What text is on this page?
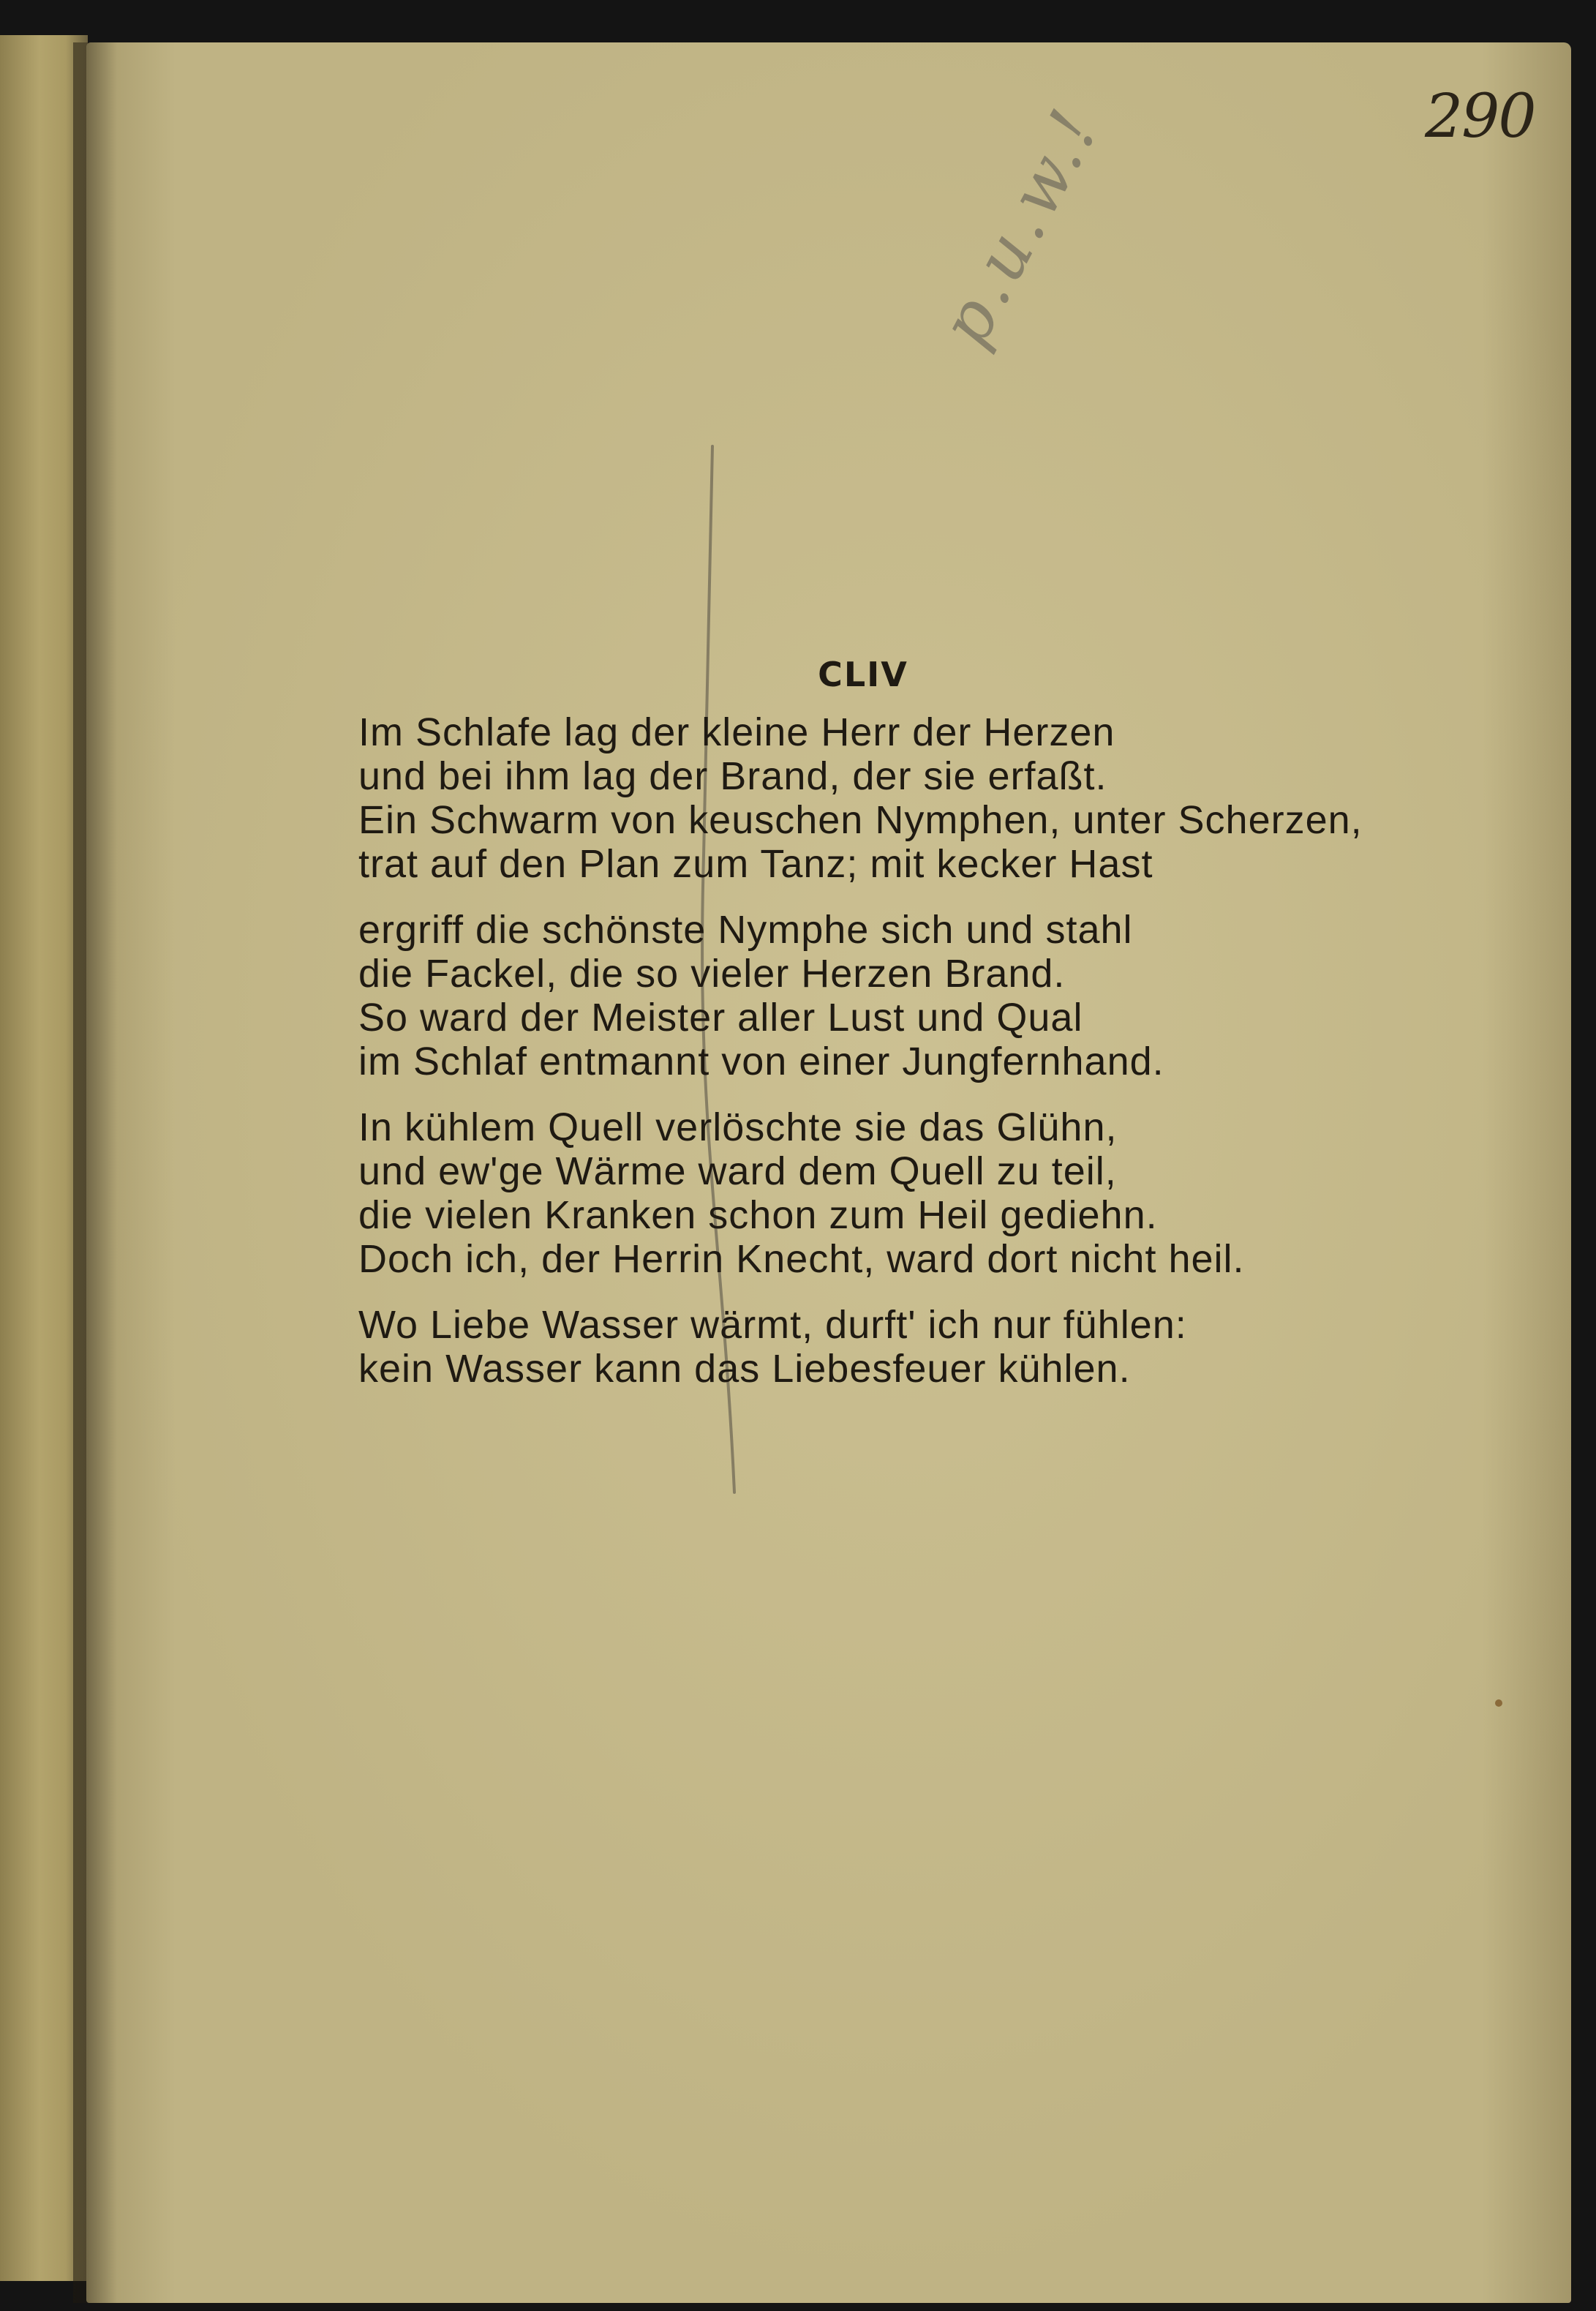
290
p.u.w.!
CLIV
Im Schlafe lag der kleine Herr der Herzen
und bei ihm lag der Brand, der sie erfaßt.
Ein Schwarm von keuschen Nymphen, unter Scherzen,
trat auf den Plan zum Tanz; mit kecker Hast
ergriff die schönste Nymphe sich und stahl
die Fackel, die so vieler Herzen Brand.
So ward der Meister aller Lust und Qual
im Schlaf entmannt von einer Jungfernhand.
In kühlem Quell verlöschte sie das Glühn,
und ew'ge Wärme ward dem Quell zu teil,
die vielen Kranken schon zum Heil gediehn.
Doch ich, der Herrin Knecht, ward dort nicht heil.
Wo Liebe Wasser wärmt, durft' ich nur fühlen:
kein Wasser kann das Liebesfeuer kühlen.
